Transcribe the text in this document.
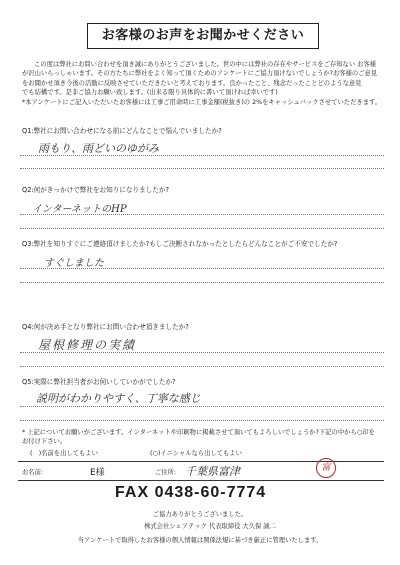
お客様のお声をお聞かせください

この度は弊社にお問い合わせを頂き誠にありがとうございました。世の中には弊社の存在やサービスをご存知ない お客様

が沢山いらっしゃいます。その方たちに弊社をよく知って頂くためのアンケートにご協力頂けないでしょうか?お客様のご意見

をお聞かせ頂き今後の活動に反映させていただきたいと考えております。良かったこと、残念だったことどのような意見

でも結構です。是非ご協力お願い致します。(出来る限り具体的に書いて頂ければ幸いです)

*本アンケートにご記入いただいたお客様には工事ご用命時に工事金額(税抜き)の 2%をキャッシュバックさせていただきます。

Q1:弊社にお問い合わせになる前にどんなことで悩んでいましたか?
雨もり、雨どいのゆがみ
Q2:何がきっかけで弊社をお知りになりましたか?
インターネットのHP
Q3:弊社を知りすぐにご連絡頂けましたか?もしご決断されなかったとしたらどんなことがご不安でしたか?
すぐしました
Q4:何が決め手となり弊社にお問い合わせ頂きましたか?
屋根修理の実績
Q5:実際に弊社担当者がお伺いしていかがでしたか?
説明がわかりやすく、丁寧な感じ
* 上記についてお願いがございます。インターネットや印刷物に掲載させて頂いてもよろしいでしょうか?下記の中から○印を
お付け下さい。
(　)名前を出してもよい	(○)イニシャルなら出してもよい
お名前:	E様	ご住所: 千葉県富津	富
FAX 0438-60-7774
ご協力ありがとうございました。
株式会社シェアテック 代表取締役 大久保 誠二
当アンケートで取得したお客様の個人情報は関係法規に基づき厳正に管理いたします。
